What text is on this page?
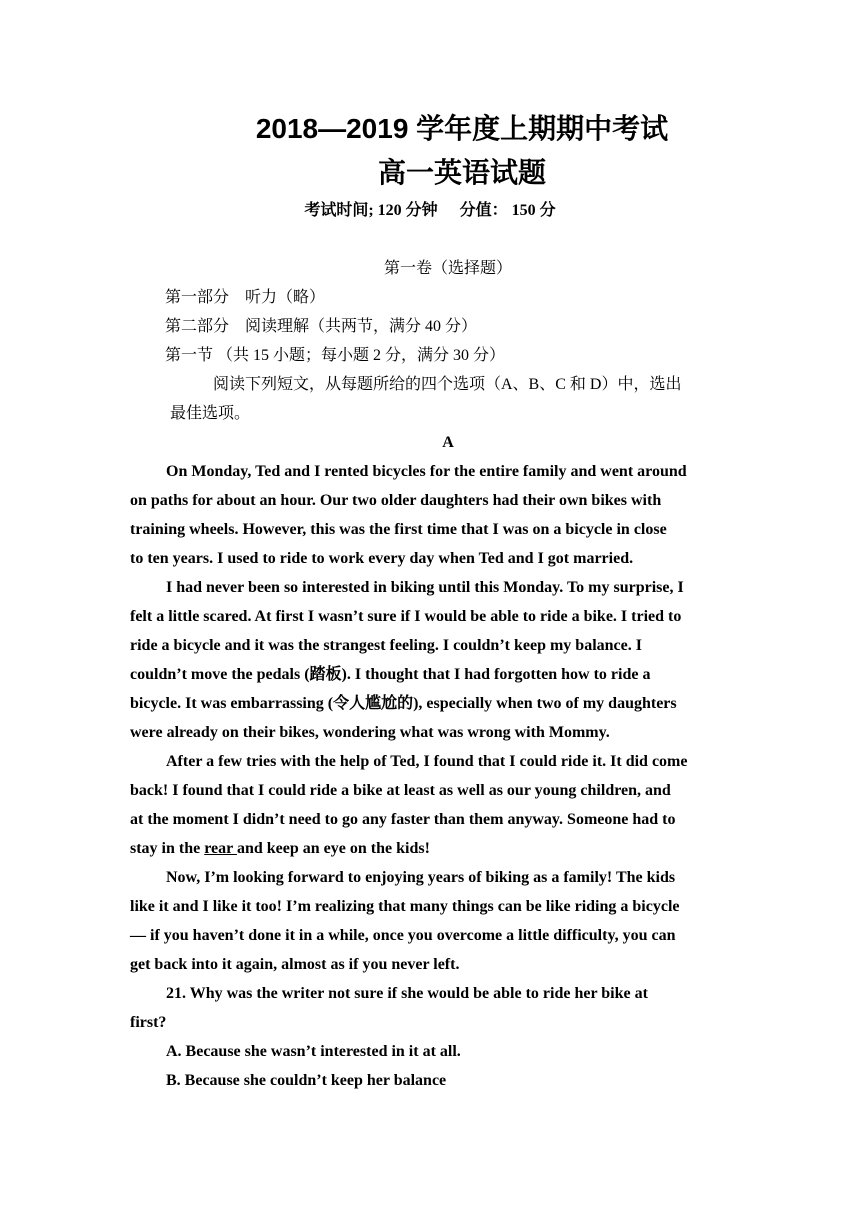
2018—2019 学年度上期期中考试
高一英语试题
考试时间; 120 分钟 分值： 150 分
第一卷（选择题）
第一部分　听力（略）
第二部分　阅读理解（共两节，满分 40 分）
第一节 （共 15 小题；每小题 2 分，满分 30 分）
阅读下列短文，从每题所给的四个选项（A、B、C 和 D）中，选出
最佳选项。
A
On Monday, Ted and I rented bicycles for the entire family and went around
on paths for about an hour. Our two older daughters had their own bikes with
training wheels. However, this was the first time that I was on a bicycle in close
to ten years. I used to ride to work every day when Ted and I got married.
I had never been so interested in biking until this Monday. To my surprise, I
felt a little scared. At first I wasn’t sure if I would be able to ride a bike. I tried to
ride a bicycle and it was the strangest feeling. I couldn’t keep my balance. I
couldn’t move the pedals (踏板). I thought that I had forgotten how to ride a
bicycle. It was embarrassing (令人尴尬的), especially when two of my daughters
were already on their bikes, wondering what was wrong with Mommy.
After a few tries with the help of Ted, I found that I could ride it. It did come
back! I found that I could ride a bike at least as well as our young children, and
at the moment I didn’t need to go any faster than them anyway. Someone had to
stay in the rear and keep an eye on the kids!
Now, I’m looking forward to enjoying years of biking as a family! The kids
like it and I like it too! I’m realizing that many things can be like riding a bicycle
— if you haven’t done it in a while, once you overcome a little difficulty, you can
get back into it again, almost as if you never left.
21. Why was the writer not sure if she would be able to ride her bike at
first?
A. Because she wasn’t interested in it at all.
B. Because she couldn’t keep her balance
